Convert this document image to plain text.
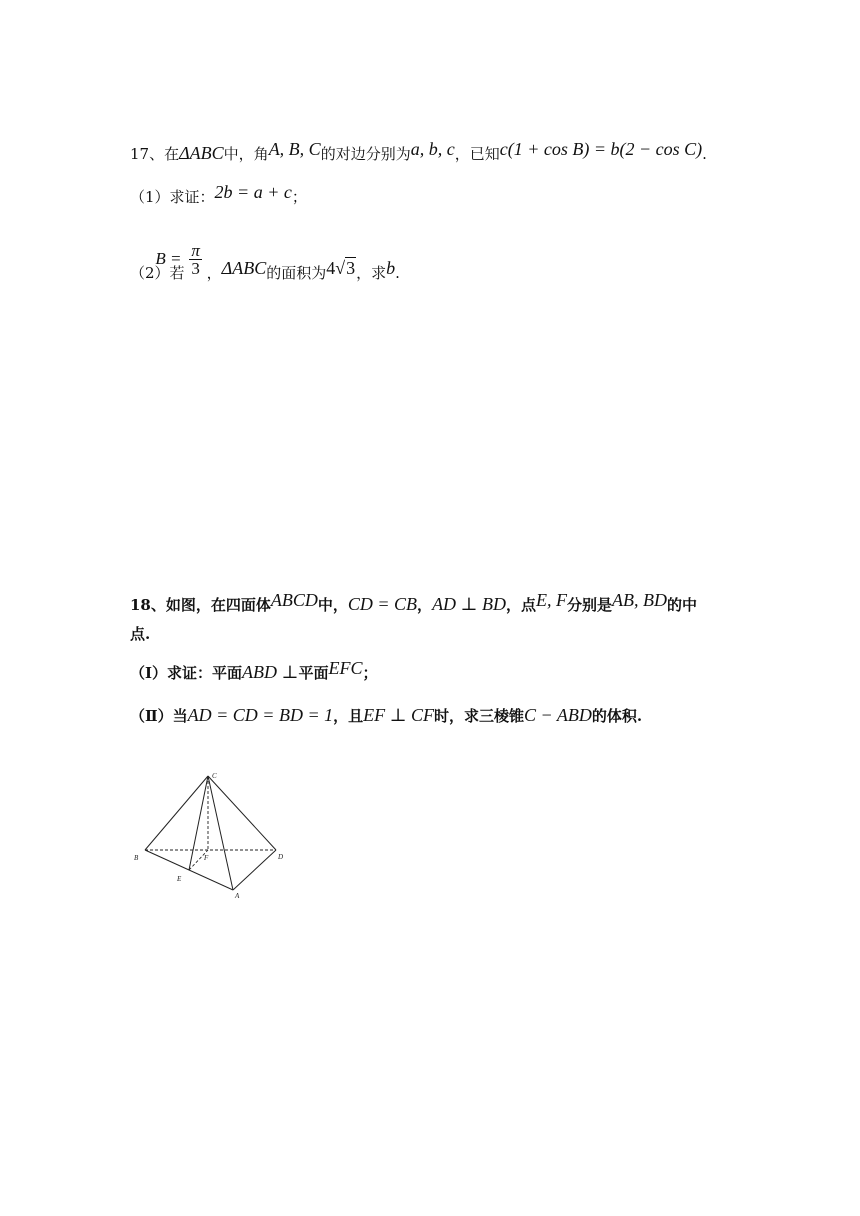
17、在ΔABC中，角A, B, C的对边分别为a, b, c，已知c(1 + cos B) = b(2 − cos C).
（1）求证：2b = a + c；
（2）若
B = π
3 ，ΔABC的面积为4√3，求b.
18、如图，在四面体ABCD中，CD = CB，AD ⊥ BD，点E, F分别是AB, BD的中
点.
（Ⅰ）求证：平面ABD ⊥平面EFC；
（Ⅱ）当AD = CD = BD = 1，且EF ⊥ CF时，求三棱锥C − ABD的体积.
C
B	F	D
E
A
